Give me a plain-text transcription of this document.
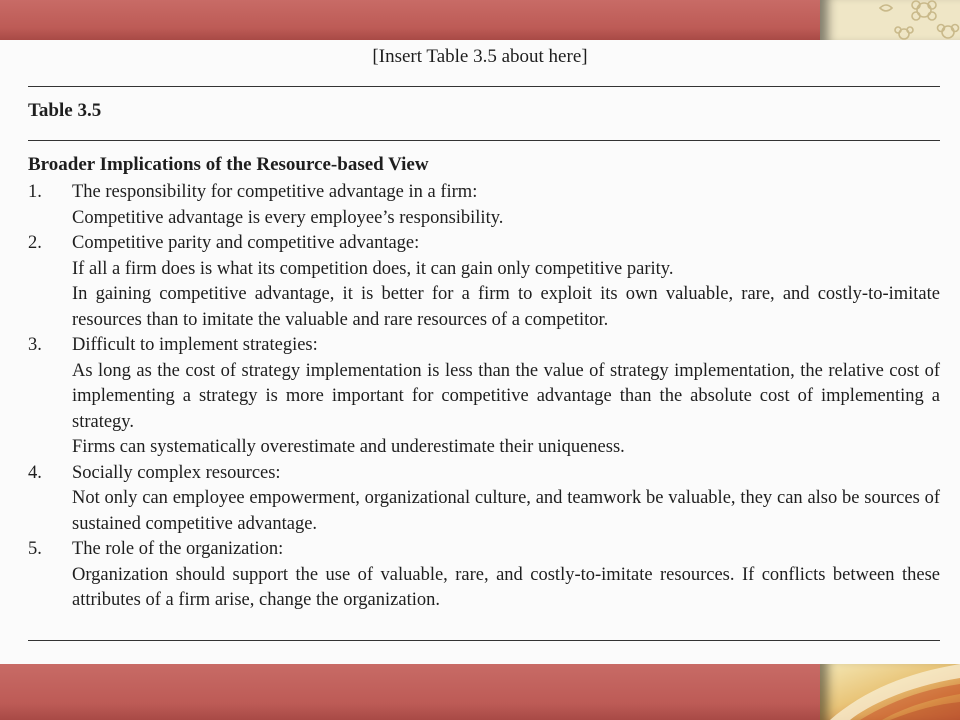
[Insert Table 3.5 about here]
Table 3.5
Broader Implications of the Resource-based View
1. The responsibility for competitive advantage in a firm:
Competitive advantage is every employee’s responsibility.
2. Competitive parity and competitive advantage:
If all a firm does is what its competition does, it can gain only competitive parity.
In gaining competitive advantage, it is better for a firm to exploit its own valuable, rare, and costly-to-imitate resources than to imitate the valuable and rare resources of a competitor.
3. Difficult to implement strategies:
As long as the cost of strategy implementation is less than the value of strategy implementation, the relative cost of implementing a strategy is more important for competitive advantage than the absolute cost of implementing a strategy.
Firms can systematically overestimate and underestimate their uniqueness.
4. Socially complex resources:
Not only can employee empowerment, organizational culture, and teamwork be valuable, they can also be sources of sustained competitive advantage.
5. The role of the organization:
Organization should support the use of valuable, rare, and costly-to-imitate resources. If conflicts between these attributes of a firm arise, change the organization.
